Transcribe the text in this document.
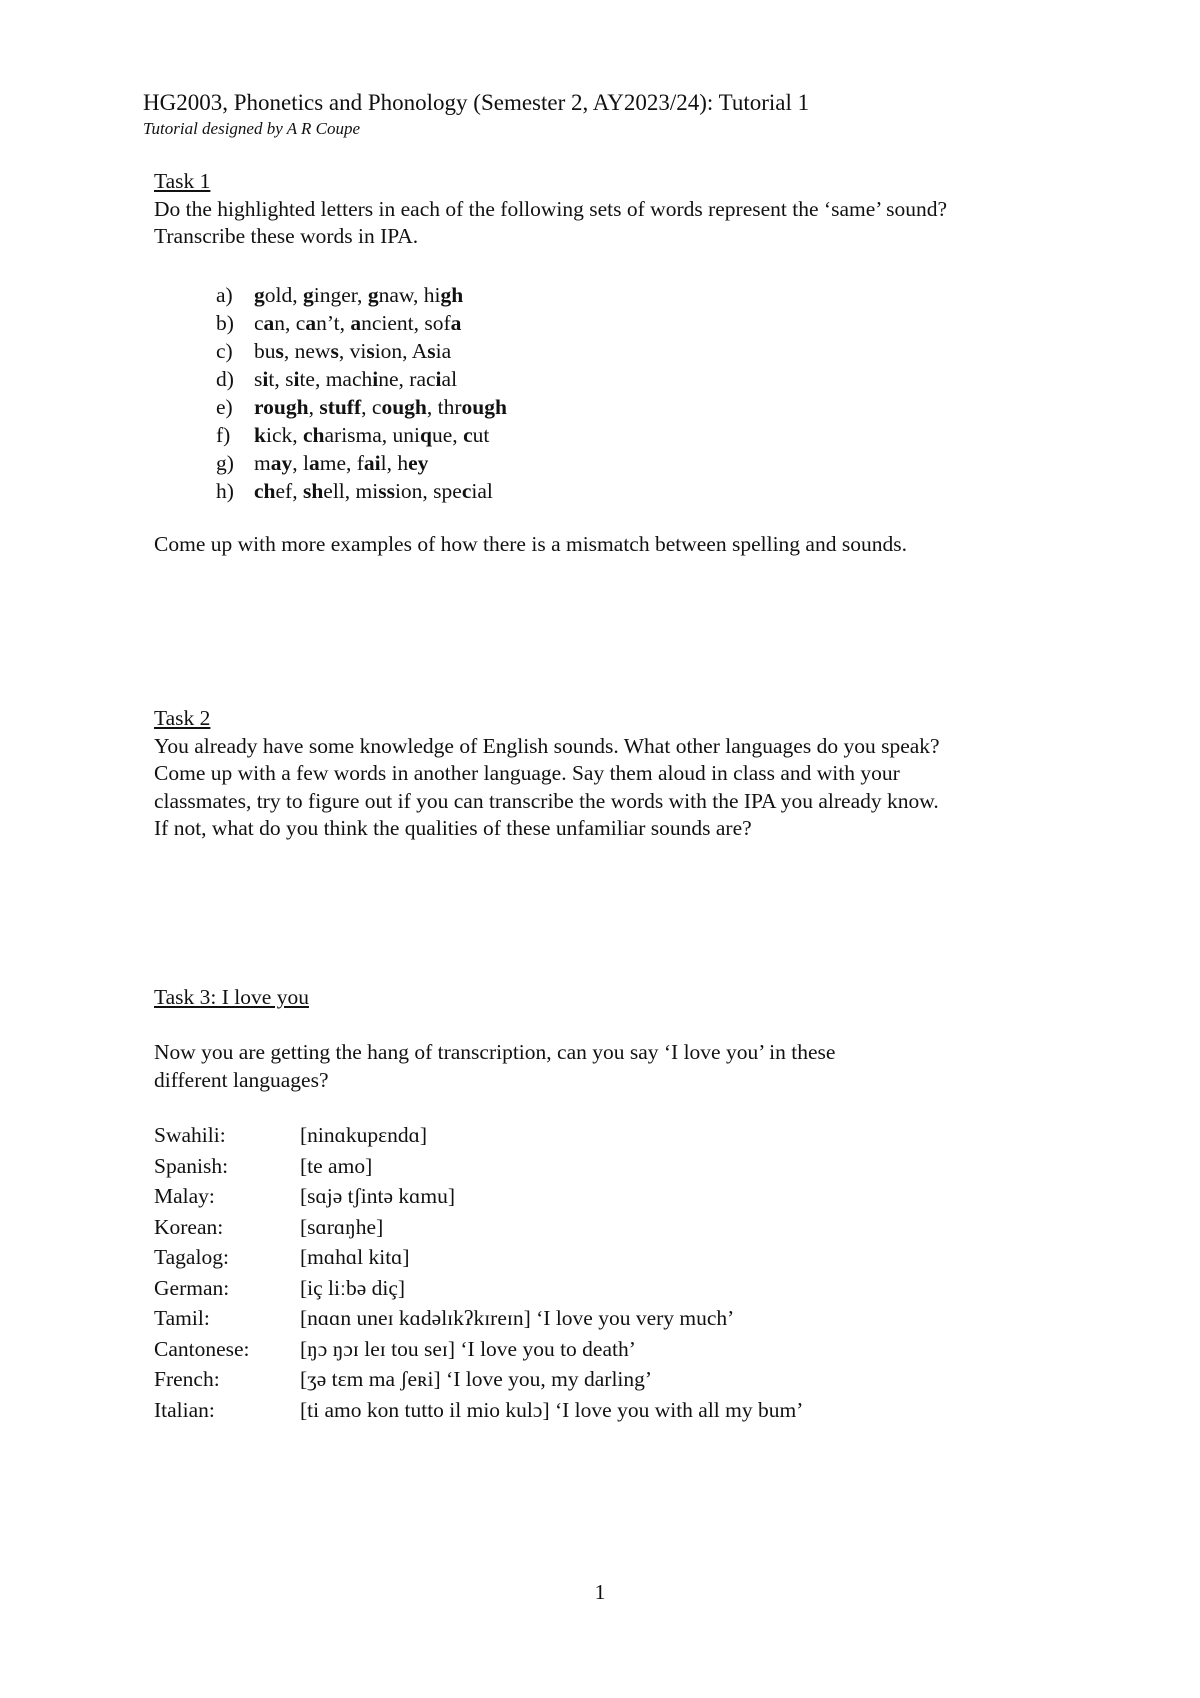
HG2003, Phonetics and Phonology (Semester 2, AY2023/24): Tutorial 1
Tutorial designed by A R Coupe
Task 1
Do the highlighted letters in each of the following sets of words represent the ‘same’ sound?
Transcribe these words in IPA.
a) gold, ginger, gnaw, high
b) can, can’t, ancient, sofa
c) bus, news, vision, Asia
d) sit, site, machine, racial
e) rough, stuff, cough, through
f) kick, charisma, unique, cut
g) may, lame, fail, hey
h) chef, shell, mission, special
Come up with more examples of how there is a mismatch between spelling and sounds.
Task 2
You already have some knowledge of English sounds. What other languages do you speak?
Come up with a few words in another language. Say them aloud in class and with your
classmates, try to figure out if you can transcribe the words with the IPA you already know.
If not, what do you think the qualities of these unfamiliar sounds are?
Task 3: I love you
Now you are getting the hang of transcription, can you say ‘I love you’ in these
different languages?
Swahili:	[ninɑkupɛndɑ]
Spanish:	[te amo]
Malay:	[sɑjə tʃintə kɑmu]
Korean:	[sɑrɑŋhe]
Tagalog:	[mɑhɑl kitɑ]
German:	[iç liːbə diç]
Tamil:	[nɑɑn uneɪ kɑdəlɪkʔkɪreɪn] ‘I love you very much’
Cantonese: [ŋɔ ŋɔɪ leɪ tou seɪ] ‘I love you to death’
French:	[ʒə tɛm ma ʃeʀi] ‘I love you, my darling’
Italian:	[ti amo kon tutto il mio kulɔ] ‘I love you with all my bum’
1
